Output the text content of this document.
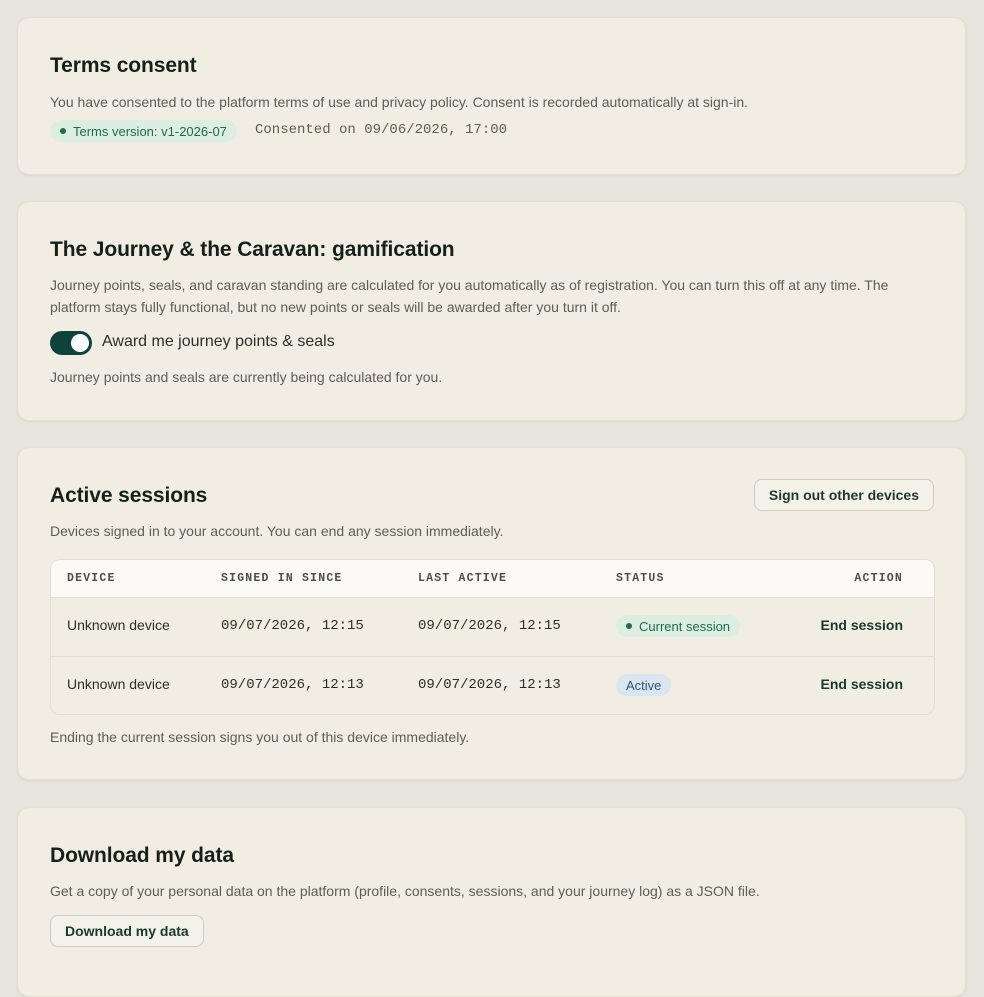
Terms consent

You have consented to the platform terms of use and privacy policy. Consent is recorded automatically at sign-in.

Terms version: v1-2026-07 Consented on 09/06/2026, 17:00
The Journey & the Caravan: gamification

Journey points, seals, and caravan standing are calculated for you automatically as of registration. You can turn this off at any time. The platform stays fully functional, but no new points or seals will be awarded after you turn it off.

Award me journey points & seals

Journey points and seals are currently being calculated for you.

Active sessions	Sign out other devices

Devices signed in to your account. You can end any session immediately.

DEVICE	SIGNED IN SINCE	LAST ACTIVE	STATUS	ACTION
Unknown device	09/07/2026, 12:15	09/07/2026, 12:15	Current session	End session
Unknown device	09/07/2026, 12:13	09/07/2026, 12:13	Active	End session

Ending the current session signs you out of this device immediately.

Download my data

Get a copy of your personal data on the platform (profile, consents, sessions, and your journey log) as a JSON file.

Download my data
